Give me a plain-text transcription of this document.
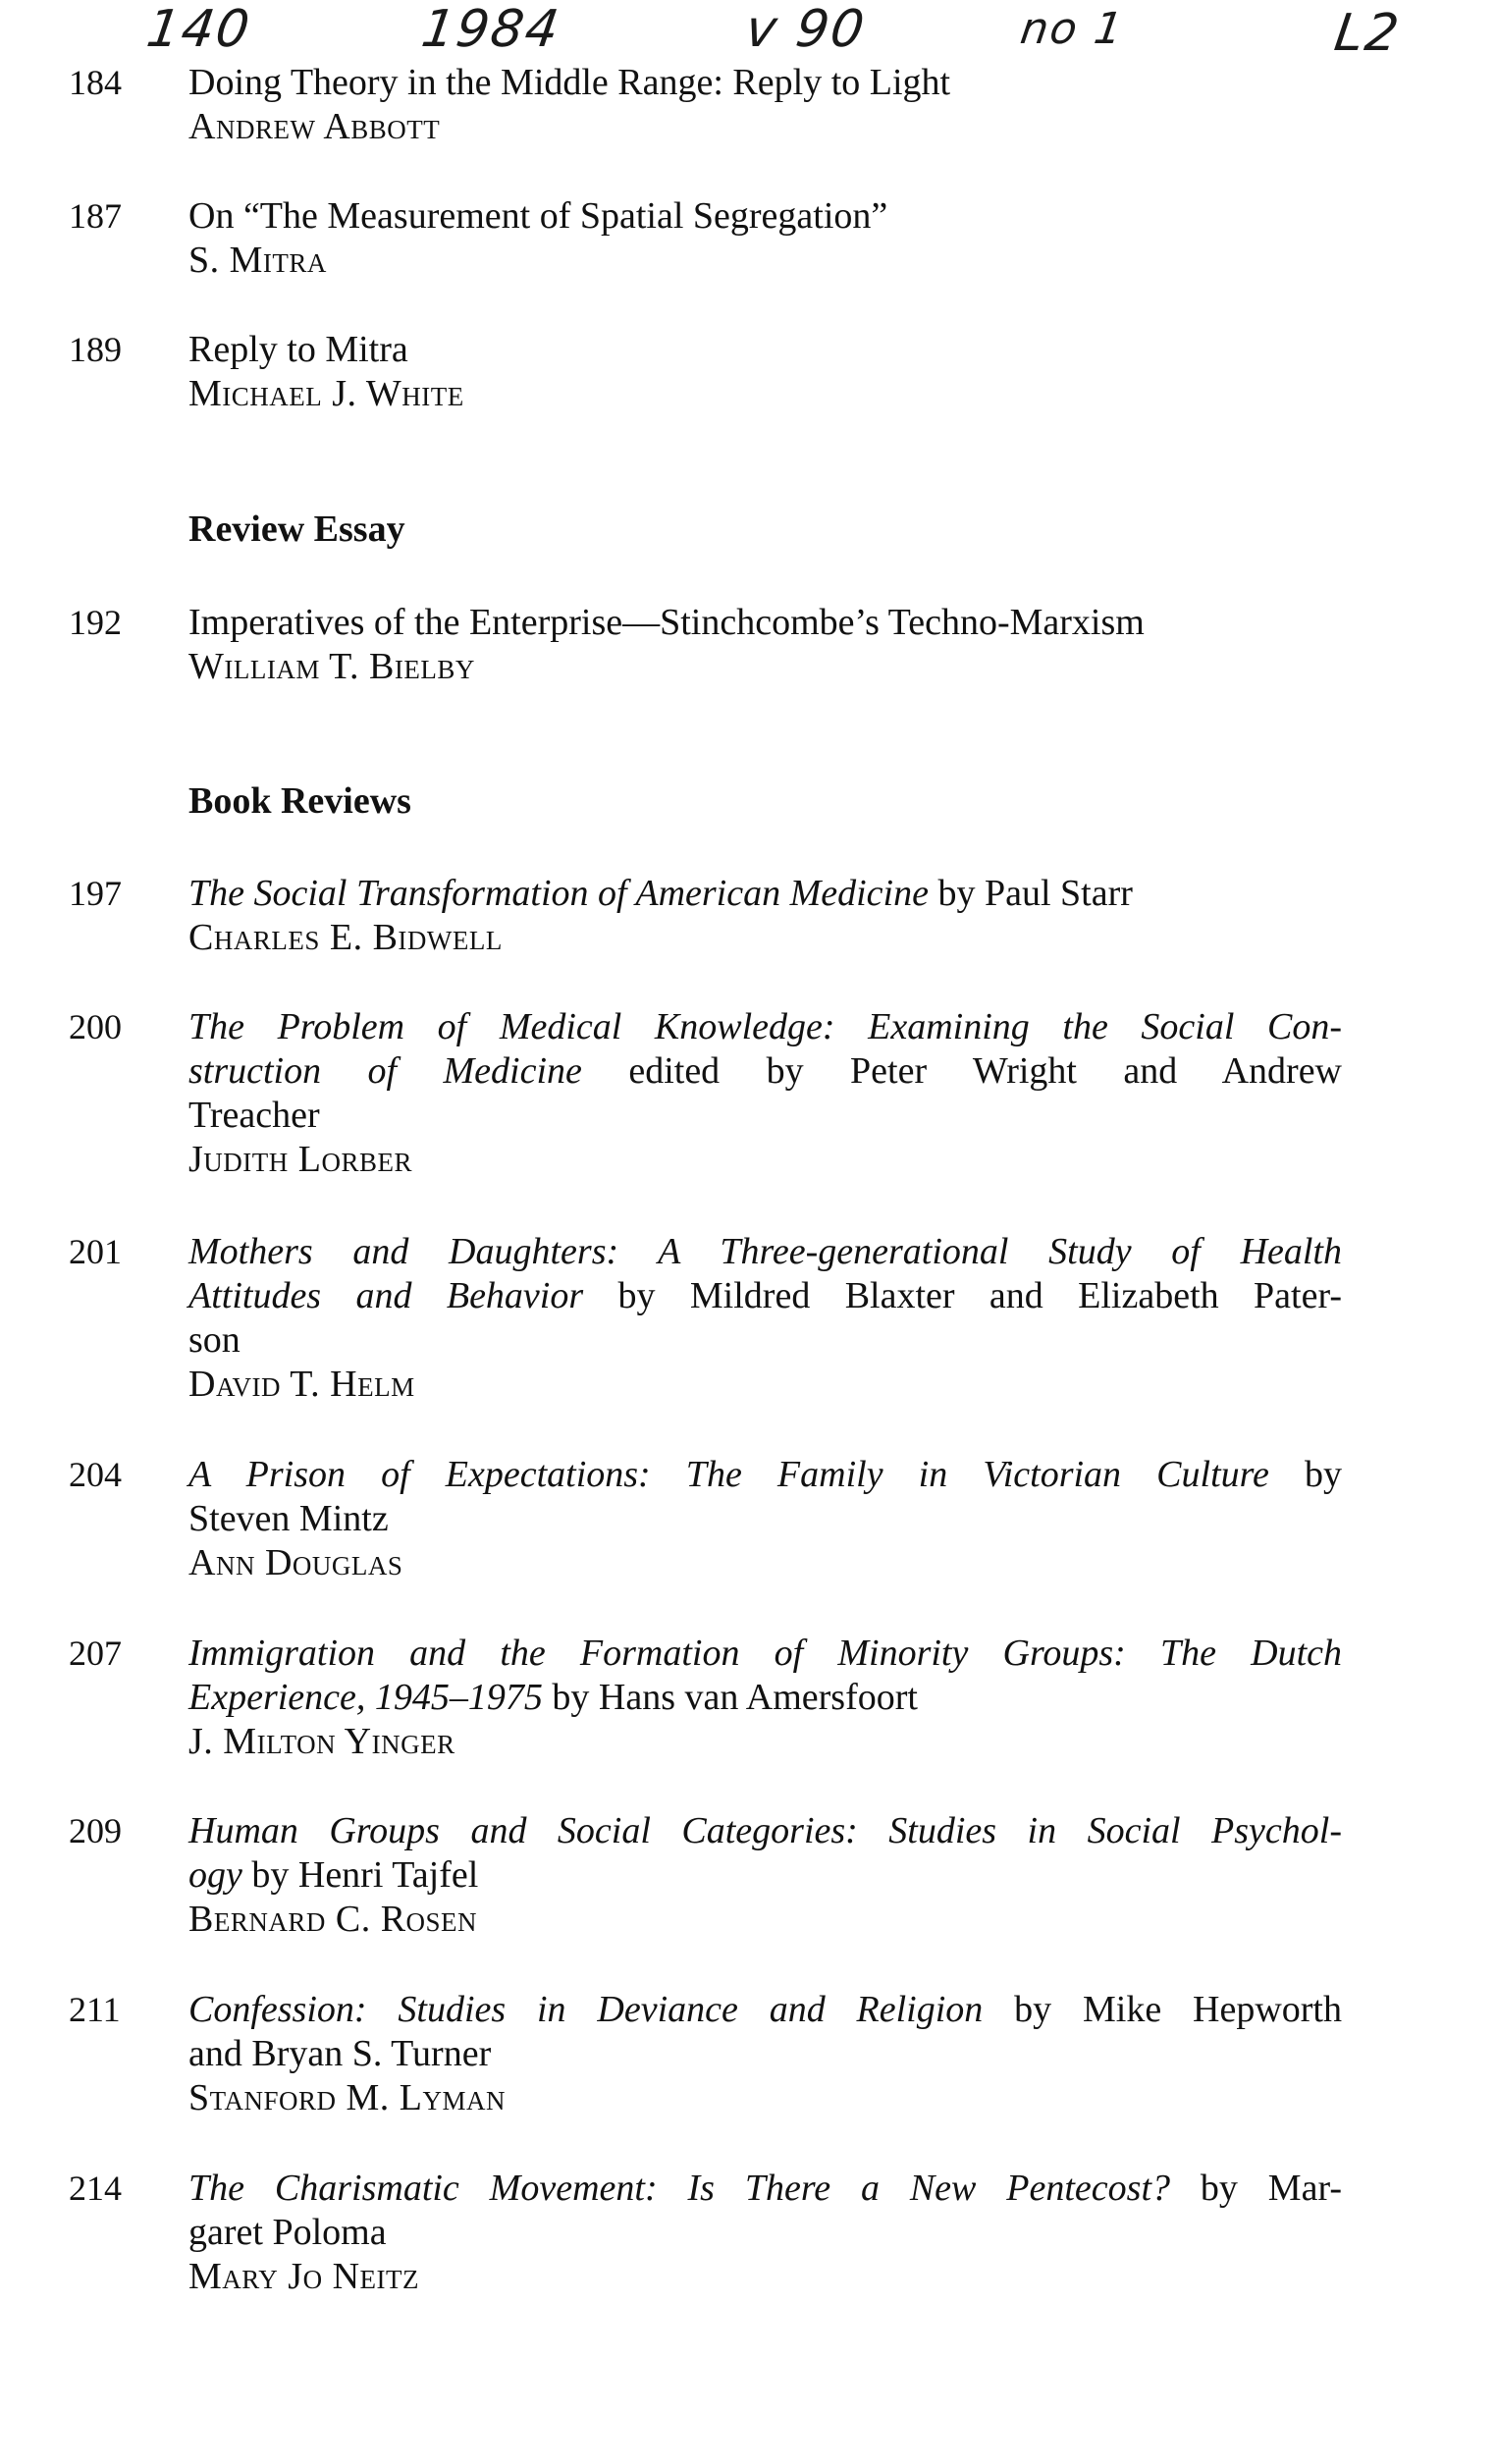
140	1984	v 90	no 1	L2
184 Doing Theory in the Middle Range: Reply to Light
Andrew Abbott
187 On “The Measurement of Spatial Segregation”
S. Mitra
189 Reply to Mitra
Michael J. White
Review Essay
192 Imperatives of the Enterprise—Stinchcombe’s Techno-Marxism
William T. Bielby
Book Reviews
197 The Social Transformation of American Medicine by Paul Starr
Charles E. Bidwell
200 The Problem of Medical Knowledge: Examining the Social Con-
struction of Medicine edited by Peter Wright and Andrew
Treacher
Judith Lorber
201 Mothers and Daughters: A Three-generational Study of Health
Attitudes and Behavior by Mildred Blaxter and Elizabeth Pater-
son
David T. Helm
204 A Prison of Expectations: The Family in Victorian Culture by
Steven Mintz
Ann Douglas
207 Immigration and the Formation of Minority Groups: The Dutch
Experience, 1945–1975 by Hans van Amersfoort
J. Milton Yinger
209 Human Groups and Social Categories: Studies in Social Psychol-
ogy by Henri Tajfel
Bernard C. Rosen
211 Confession: Studies in Deviance and Religion by Mike Hepworth
and Bryan S. Turner
Stanford M. Lyman
214 The Charismatic Movement: Is There a New Pentecost? by Mar-
garet Poloma
Mary Jo Neitz
